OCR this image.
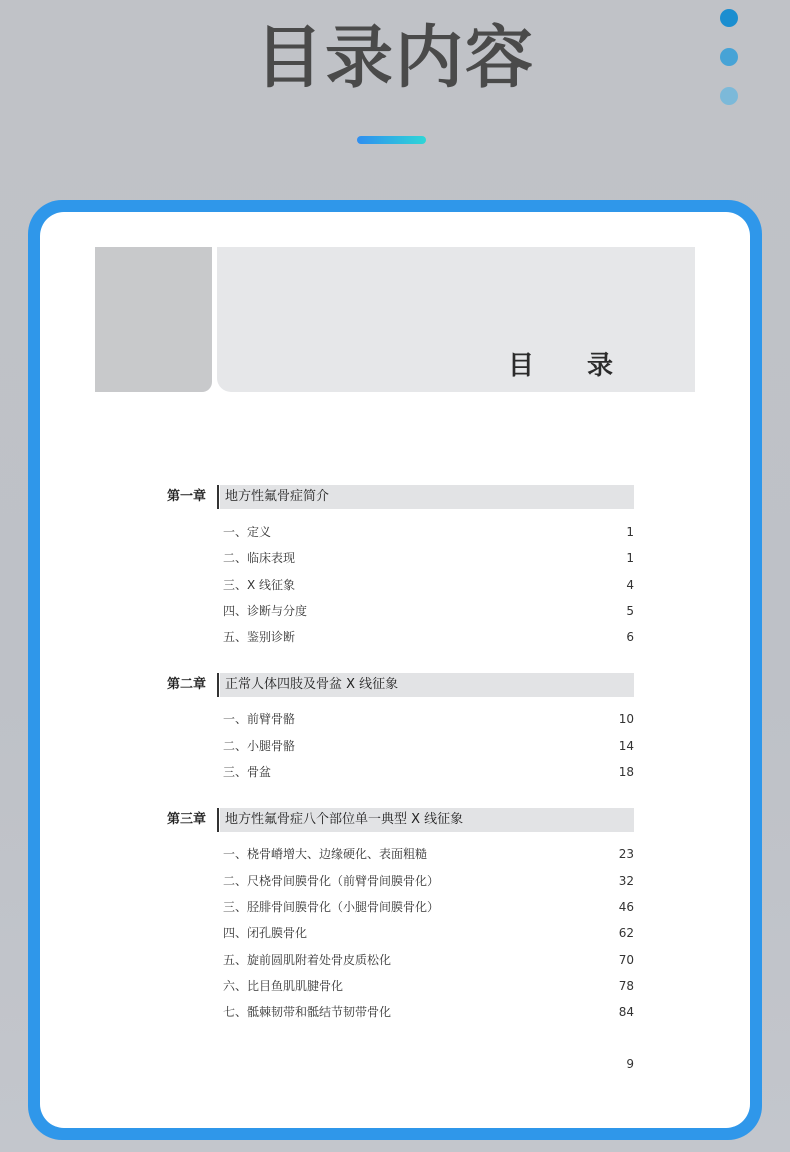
目录内容
目 录
第一章	地方性氟骨症简介
一、定义	1
二、临床表现	1
三、X 线征象	4
四、诊断与分度	5
五、鉴别诊断	6
第二章	正常人体四肢及骨盆 X 线征象
一、前臂骨骼	10
二、小腿骨骼	14
三、骨盆	18
第三章	地方性氟骨症八个部位单一典型 X 线征象
一、桡骨嵴增大、边缘硬化、表面粗糙	23
二、尺桡骨间膜骨化（前臂骨间膜骨化）	32
三、胫腓骨间膜骨化（小腿骨间膜骨化）	46
四、闭孔膜骨化	62
五、旋前圆肌附着处骨皮质松化	70
六、比目鱼肌肌腱骨化	78
七、骶棘韧带和骶结节韧带骨化	84
9
